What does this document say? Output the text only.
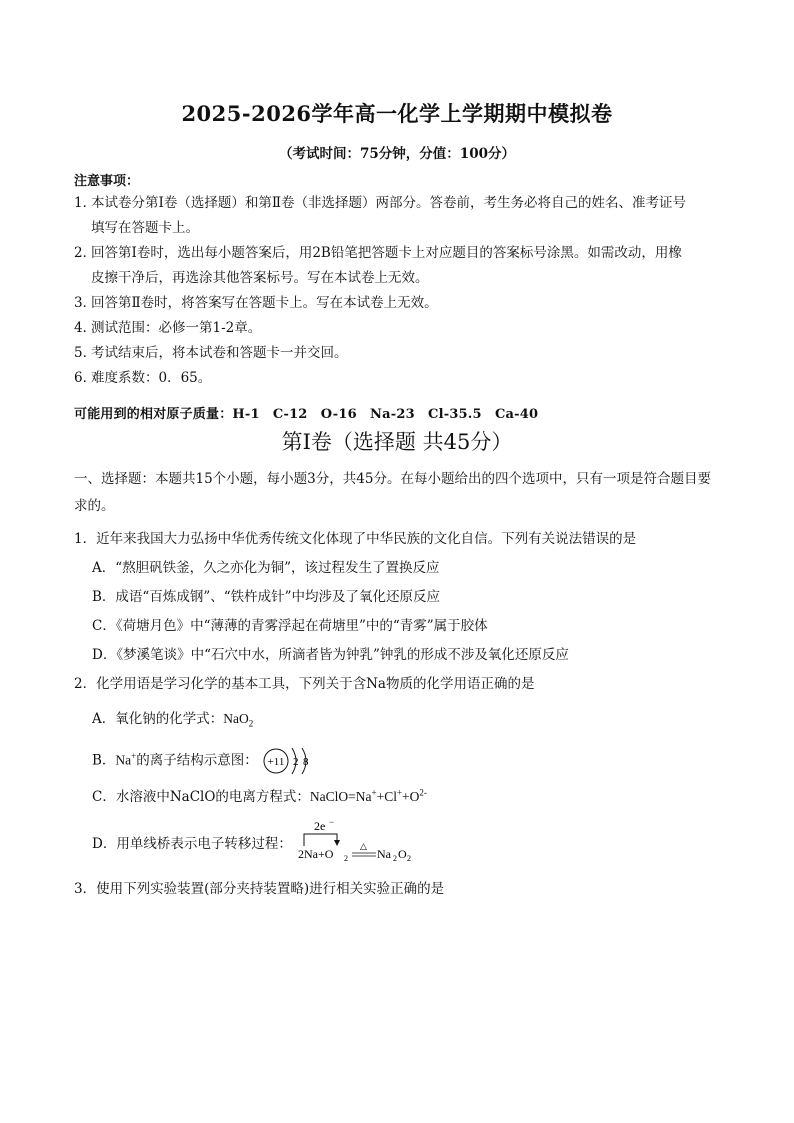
2025-2026学年高一化学上学期期中模拟卷
（考试时间：75分钟，分值：100分）
注意事项：
1．
本试卷分第Ⅰ卷（选择题）和第Ⅱ卷（非选择题）两部分。答卷前，考生务必将自己的姓名、准考证号
填写在答题卡上。
2．
回答第Ⅰ卷时，选出每小题答案后，用2B铅笔把答题卡上对应题目的答案标号涂黑。如需改动，用橡
皮擦干净后，再选涂其他答案标号。写在本试卷上无效。
3．
回答第Ⅱ卷时，将答案写在答题卡上。写在本试卷上无效。
4．
测试范围：必修一第1-2章。
5．
考试结束后，将本试卷和答题卡一并交回。
6．
难度系数：0．65。
可能用到的相对原子质量：H-1　C-12　O-16　Na-23　Cl-35.5　Ca-40
第Ⅰ卷（选择题 共45分）
一、选择题：本题共15个小题，每小题3分，共45分。在每小题给出的四个选项中，只有一项是符合题目要求的。
1．近年来我国大力弘扬中华优秀传统文化体现了中华民族的文化自信。下列有关说法错误的是
A．“熬胆矾铁釜，久之亦化为铜”，该过程发生了置换反应
B．成语“百炼成钢”、“铁杵成针”中均涉及了氧化还原反应
C．《荷塘月色》中“薄薄的青雾浮起在荷塘里”中的“青雾”属于胶体
D．《梦溪笔谈》中“石穴中水，所滴者皆为钟乳”钟乳的形成不涉及氧化还原反应
2．化学用语是学习化学的基本工具，下列关于含Na物质的化学用语正确的是
A．氧化钠的化学式：NaO$_2$
B．Na+的离子结构示意图： +11 2 8
C．水溶液中NaClO的电离方程式：$NaClO=Na^++Cl^++O^{2-}$
D．用单线桥表示电子转移过程：
2e −
2Na+O 2
△ Na 2 O 2
3．使用下列实验装置(部分夹持装置略)进行相关实验正确的是
